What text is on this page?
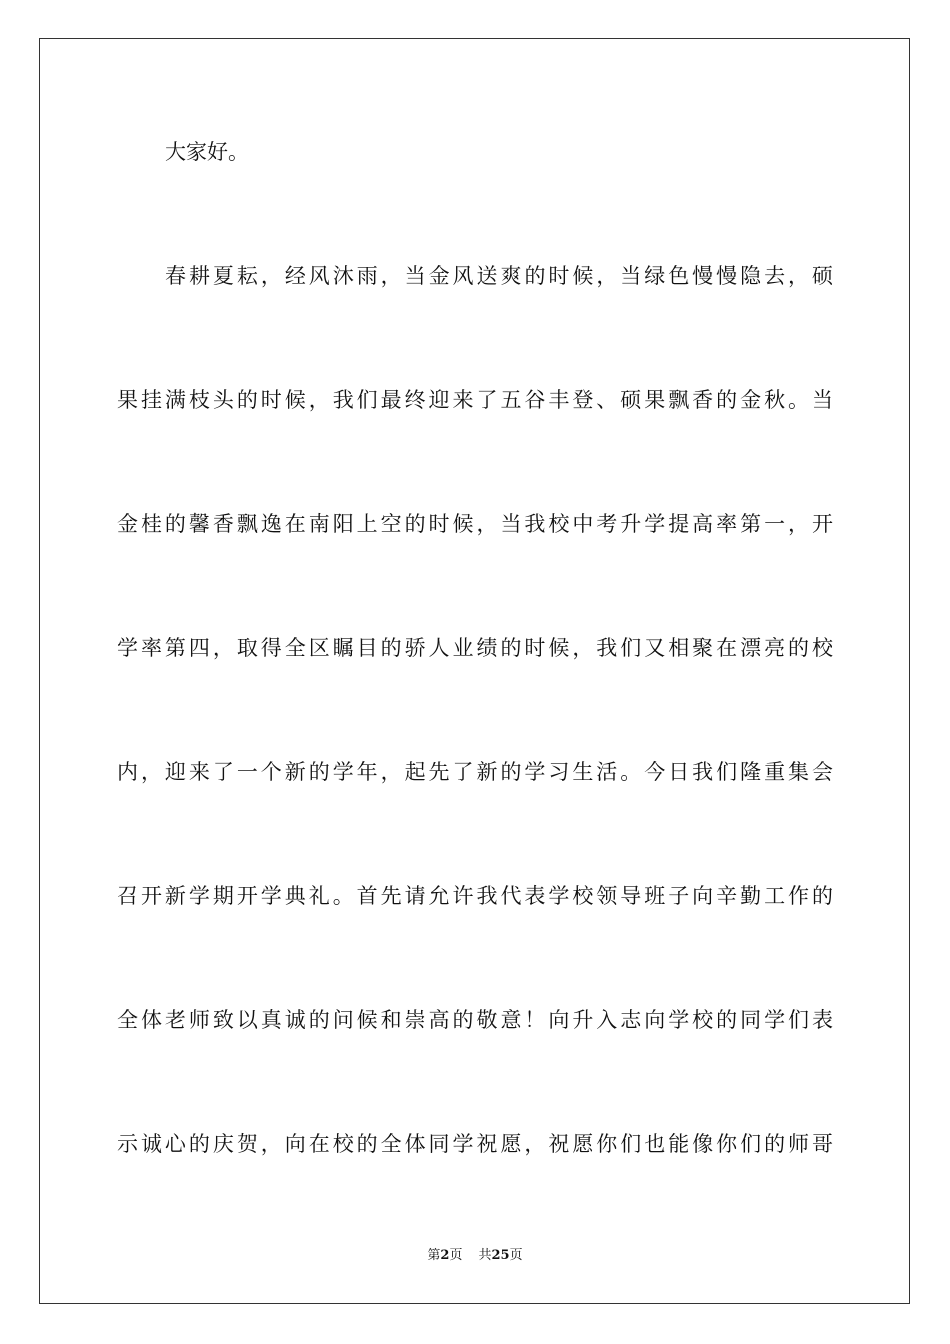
大家好。
春耕夏耘，经风沐雨，当金风送爽的时候，当绿色慢慢隐去，硕
果挂满枝头的时候，我们最终迎来了五谷丰登、硕果飘香的金秋。当
金桂的馨香飘逸在南阳上空的时候，当我校中考升学提高率第一，开
学率第四，取得全区瞩目的骄人业绩的时候，我们又相聚在漂亮的校
内，迎来了一个新的学年，起先了新的学习生活。今日我们隆重集会
召开新学期开学典礼。首先请允许我代表学校领导班子向辛勤工作的
全体老师致以真诚的问候和崇高的敬意！向升入志向学校的同学们表
示诚心的庆贺，向在校的全体同学祝愿，祝愿你们也能像你们的师哥
第2页 共25页
